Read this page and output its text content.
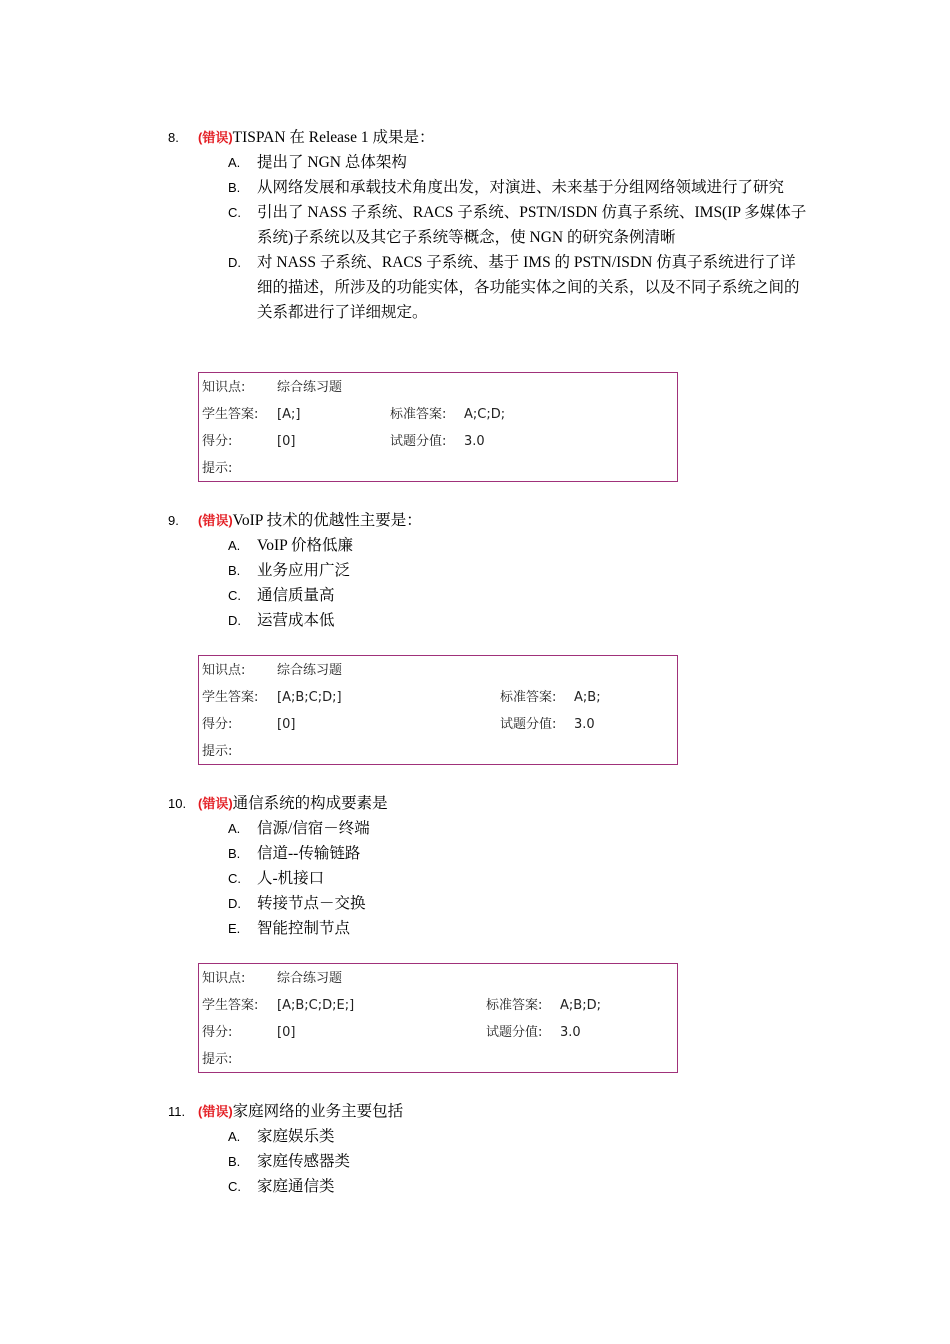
8. (错误)TISPAN 在 Release 1 成果是：
A. 提出了 NGN 总体架构
B. 从网络发展和承载技术角度出发，对演进、未来基于分组网络领域进行了研究
C. 引出了 NASS 子系统、RACS 子系统、PSTN/ISDN 仿真子系统、IMS(IP 多媒体子系统)子系统以及其它子系统等概念，使 NGN 的研究条例清晰
D. 对 NASS 子系统、RACS 子系统、基于 IMS 的 PSTN/ISDN 仿真子系统进行了详细的描述，所涉及的功能实体，各功能实体之间的关系，以及不同子系统之间的关系都进行了详细规定。
知识点: 综合练习题
学生答案: [A;]	标准答案: A;C;D;
得分:	[0]	试题分值: 3.0
提示:
9. (错误)VoIP 技术的优越性主要是：
A. VoIP 价格低廉
B. 业务应用广泛
C. 通信质量高
D. 运营成本低
知识点: 综合练习题
学生答案: [A;B;C;D;]	标准答案: A;B;
得分:	[0]	试题分值: 3.0
提示:
10. (错误)通信系统的构成要素是
A. 信源/信宿－终端
B. 信道--传输链路
C. 人-机接口
D. 转接节点－交换
E. 智能控制节点
知识点: 综合练习题
学生答案: [A;B;C;D;E;]	标准答案: A;B;D;
得分:	[0]	试题分值: 3.0
提示:
11. (错误)家庭网络的业务主要包括
A. 家庭娱乐类
B. 家庭传感器类
C. 家庭通信类
